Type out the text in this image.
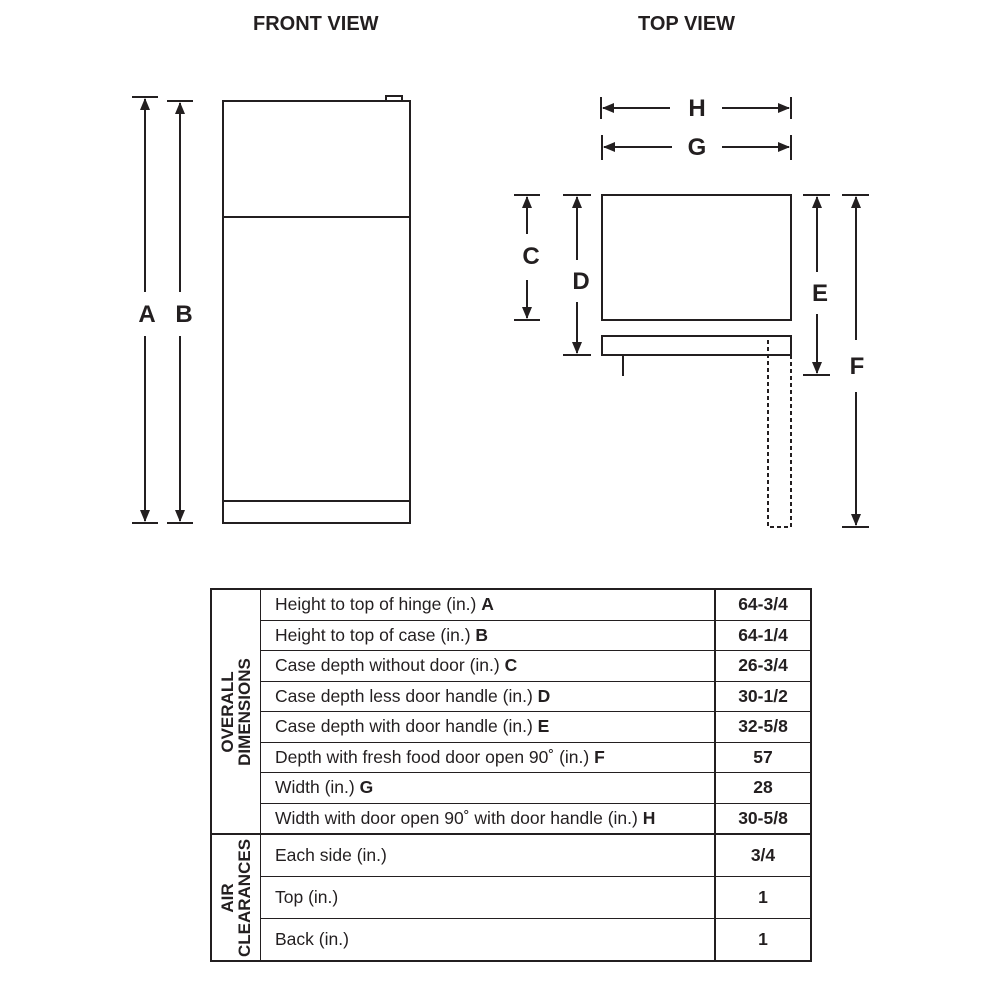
FRONT VIEW	TOP VIEW
A B
C
D	E
F
G
H
OVERALL
DIMENSIONS	Height to top of hinge (in.) A	64-3/4
	Height to top of case (in.) B	64-1/4
	Case depth without door (in.) C	26-3/4
	Case depth less door handle (in.) D	30-1/2
	Case depth with door handle (in.) E	32-5/8
	Depth with fresh food door open 90˚ (in.) F	57
	Width (in.) G	28
	Width with door open 90˚ with door handle (in.) H	30-5/8

AIR
CLEARANCES	Each side (in.)	3/4
	Top (in.)	1
	Back (in.)	1
